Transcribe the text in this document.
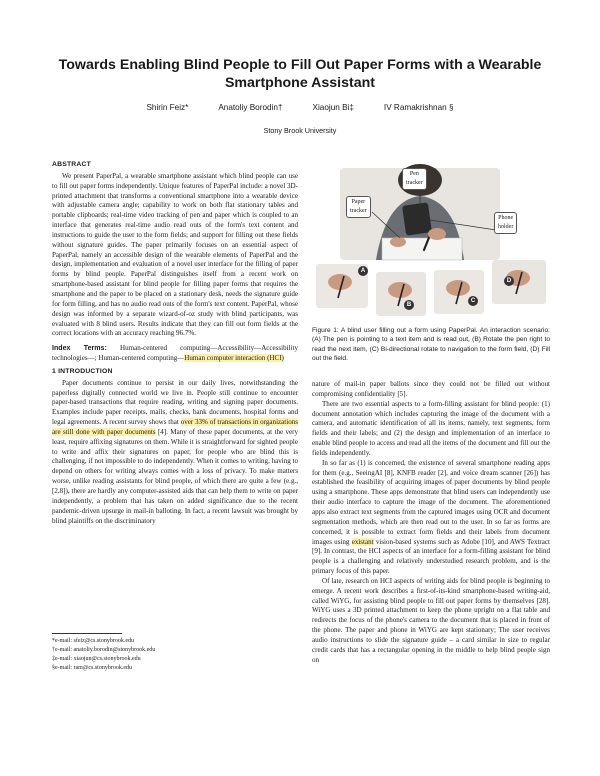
Towards Enabling Blind People to Fill Out Paper Forms with a Wearable Smartphone Assistant
Shirin Feiz*	Anatoliy Borodin†	Xiaojun Bi‡	IV Ramakrishnan §
Stony Brook University
ABSTRACT

We present PaperPal, a wearable smartphone assistant which blind people can use to fill out paper forms independently. Unique features of PaperPal include: a novel 3D-printed attachment that transforms a conventional smartphone into a wearable device with adjustable camera angle; capability to work on both flat stationary tables and portable clipboards; real-time video tracking of pen and paper which is coupled to an interface that generates real-time audio read outs of the form's text content and instructions to guide the user to the form fields; and support for filling out these fields without signature guides. The paper primarily focuses on an essential aspect of PaperPal, namely an accessible design of the wearable elements of PaperPal and the design, implementation and evaluation of a novel user interface for the filling of paper forms by blind people. PaperPal distinguishes itself from a recent work on smartphone-based assistant for blind people for filling paper forms that requires the smartphone and the paper to be placed on a stationary desk, needs the signature guide for form filling, and has no audio read outs of the form's text content. PaperPal, whose design was informed by a separate wizard-of-oz study with blind participants, was evaluated with 8 blind users. Results indicate that they can fill out form fields at the correct locations with an accuracy reaching 96.7%.

Index Terms: Human-centered computing—Accessibility—Accessibility technologies—; Human-centered computing—Human computer interaction (HCI)

1 INTRODUCTION

Paper documents continue to persist in our daily lives, notwithstanding the paperless digitally connected world we live in. People still continue to encounter paper-based transactions that require reading, writing and signing paper documents. Examples include paper receipts, mails, checks, bank documents, hospital forms and legal agreements. A recent survey shows that over 33% of transactions in organizations are still done with paper documents [4]. Many of these paper documents, at the very least, require affixing signatures on them. While it is straightforward for sighted people to write and affix their signatures on paper, for people who are blind this is challenging, if not impossible to do independently. When it comes to writing, having to depend on others for writing always comes with a loss of privacy. To make matters worse, unlike reading assistants for blind people, of which there are quite a few (e.g., [2,8]), there are hardly any computer-assisted aids that can help them to write on paper independently, a problem that has taken on added significance due to the recent pandemic-driven upsurge in mail-in balloting. In fact, a recent lawsuit was brought by blind plaintiffs on the discriminatory

*e-mail: sfeiz@cs.stonybrook.edu
†e-mail: anatoliy.borodin@stonybrook.edu
‡e-mail: xiaojun@cs.stonybrook.edu
§e-mail: ram@cs.stonybrook.edu
Pen
tracker
Paper
tracker
Phone
holder
A
B
C
D
Figure 1: A blind user filling out a form using PaperPal. An interaction scenario: (A) The pen is pointing to a text item and is read out, (B) Rotate the pen right to read the next item, (C) Bi-directional rotate to navigation to the form field, (D) Fill out the field.

nature of mail-in paper ballots since they could not be filled out without compromising confidentiality [5].

There are two essential aspects to a form-filling assistant for blind people: (1) document annotation which includes capturing the image of the document with a camera, and automatic identification of all its items, namely, text segments, form fields and their labels; and (2) the design and implementation of an interface to enable blind people to access and read all the items of the document and fill out the fields independently.

In so far as (1) is concerned, the existence of several smartphone reading apps for them (e.g., SeeingAI [8], KNFB reader [2], and voice dream scanner [26]) has established the feasibility of acquiring images of paper documents by blind people using a smartphone. These apps demonstrate that blind users can independently use their audio interface to capture the image of the document. The aforementioned apps also extract text segments from the captured images using OCR and document segmentation methods, which are then read out to the user. In so far as forms are concerned, it is possible to extract form fields and their labels from document images using existant vision-based systems such as Adobe [10], and AWS Textract [9]. In contrast, the HCI aspects of an interface for a form-filling assistant for blind people is a challenging and relatively understudied research problem, and is the primary focus of this paper.

Of late, research on HCI aspects of writing aids for blind people is beginning to emerge. A recent work describes a first-of-its-kind smartphone-based writing-aid, called WiYG, for assisting blind people to fill out paper forms by themselves [28]. WiYG uses a 3D printed attachment to keep the phone upright on a flat table and redirects the focus of the phone's camera to the document that is placed in front of the phone. The paper and phone in WiYG are kept stationary; The user receives audio instructions to slide the signature guide – a card similar in size to regular credit cards that has a rectangular opening in the middle to help blind people sign on
